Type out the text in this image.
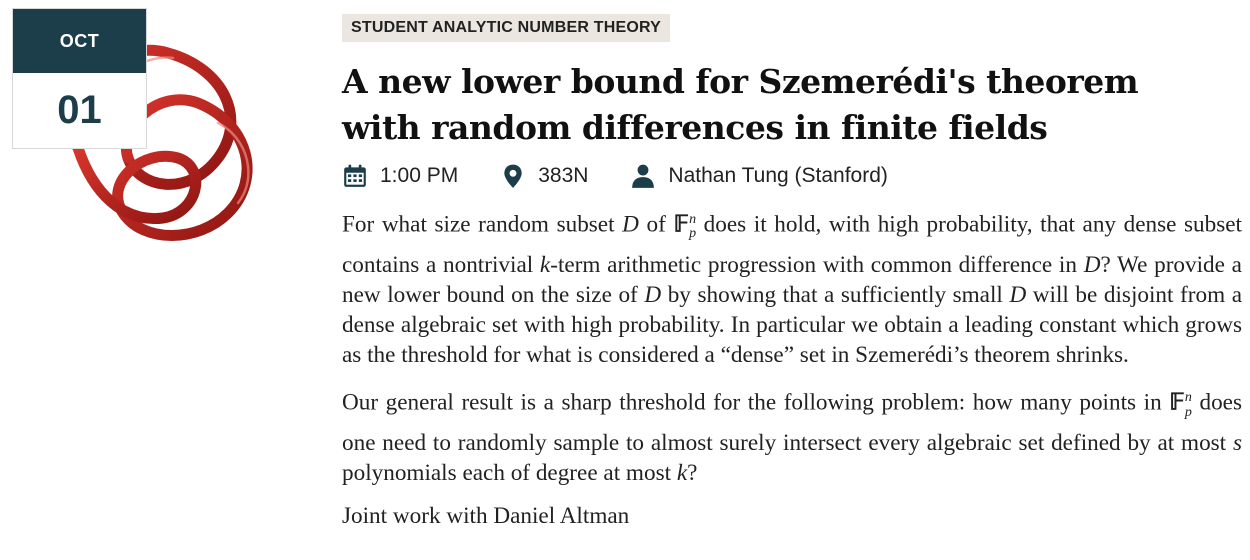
OCT
01
STUDENT ANALYTIC NUMBER THEORY
A new lower bound for Szemerédi's theorem
with random differences in finite fields
1:00 PM	383N	Nathan Tung (Stanford)

For what size random subset D of 𝔽$^n_p$ does it hold, with high probability, that any dense subset contains a nontrivial k-term arithmetic progression with common difference in D? We provide a new lower bound on the size of D by showing that a sufficiently small D will be disjoint from a dense algebraic set with high probability. In particular we obtain a leading constant which grows as the threshold for what is considered a “dense” set in Szemerédi’s theorem shrinks.

Our general result is a sharp threshold for the following problem: how many points in 𝔽$^n_p$ does one need to randomly sample to almost surely intersect every algebraic set defined by at most s polynomials each of degree at most k?

Joint work with Daniel Altman
